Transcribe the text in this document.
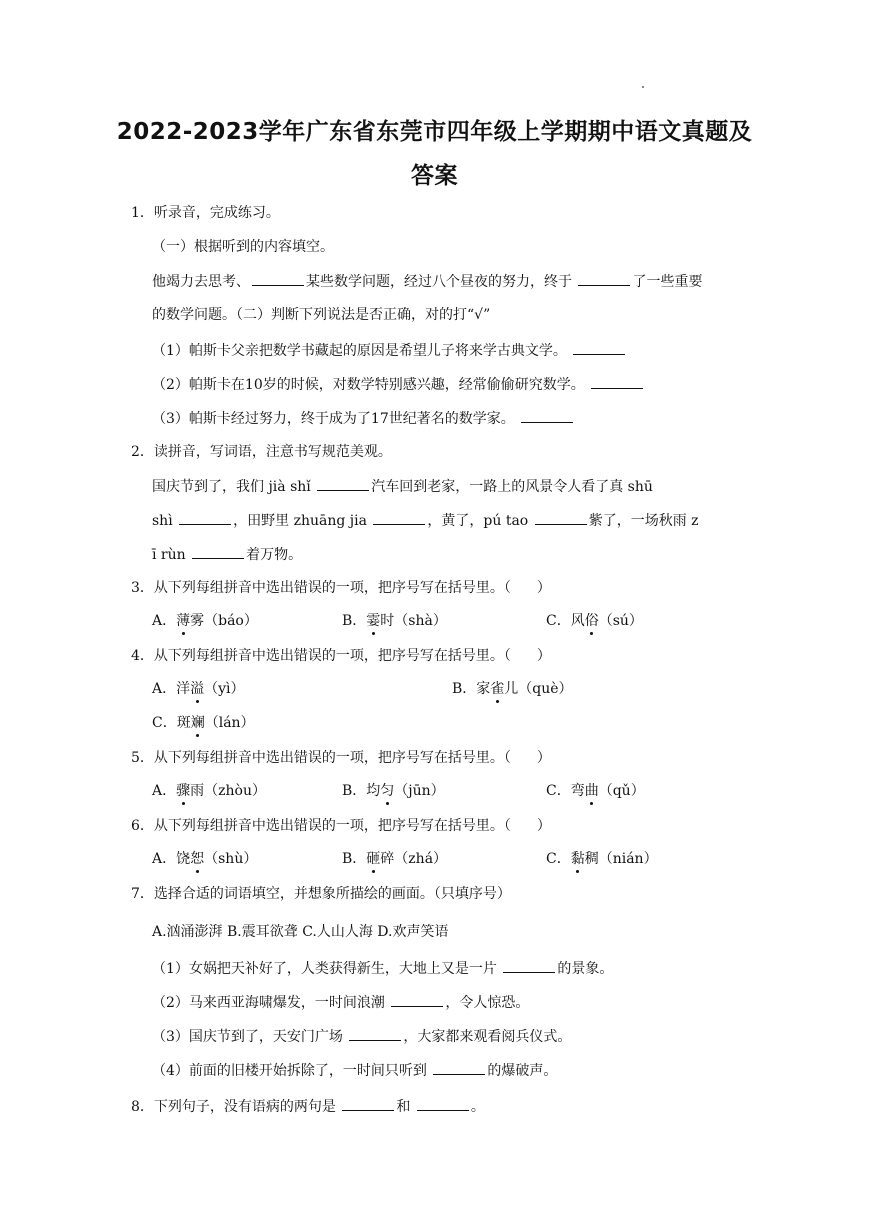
2022-2023学年广东省东莞市四年级上学期期中语文真题及
答案
1．听录音，完成练习。
（一）根据听到的内容填空。
他竭力去思考、	某些数学问题，经过八个昼夜的努力，终于	了一些重要
的数学问题。（二）判断下列说法是否正确，对的打“√”
（1）帕斯卡父亲把数学书藏起的原因是希望儿子将来学古典文学。
（2）帕斯卡在10岁的时候，对数学特别感兴趣，经常偷偷研究数学。
（3）帕斯卡经过努力，终于成为了17世纪著名的数学家。
2．读拼音，写词语，注意书写规范美观。
国庆节到了，我们 jià shǐ	汽车回到老家，一路上的风景令人看了真 shū
shì	，田野里 zhuāng jia	，黄了，pú tao	紫了，一场秋雨 z
ī rùn	着万物。
3．从下列每组拼音中选出错误的一项，把序号写在括号里。（ ）
A．薄雾（báo）	B．霎时（shà）	C．风俗（sú）
4．从下列每组拼音中选出错误的一项，把序号写在括号里。（ ）
A．洋溢（yì）	B．家雀儿（què）
C．斑斓（lán）
5．从下列每组拼音中选出错误的一项，把序号写在括号里。（ ）
A．骤雨（zhòu）	B．均匀（jūn）	C．弯曲（qǔ）
6．从下列每组拼音中选出错误的一项，把序号写在括号里。（ ）
A．饶恕（shù）	B．砸碎（zhá）	C．黏稠（nián）
7．选择合适的词语填空，并想象所描绘的画面。（只填序号）
A.汹涌澎湃 B.震耳欲聋 C.人山人海 D.欢声笑语
（1）女娲把天补好了，人类获得新生，大地上又是一片	的景象。
（2）马来西亚海啸爆发，一时间浪潮	，令人惊恐。
（3）国庆节到了，天安门广场	，大家都来观看阅兵仪式。
（4）前面的旧楼开始拆除了，一时间只听到	的爆破声。
8．下列句子，没有语病的两句是	和	。
